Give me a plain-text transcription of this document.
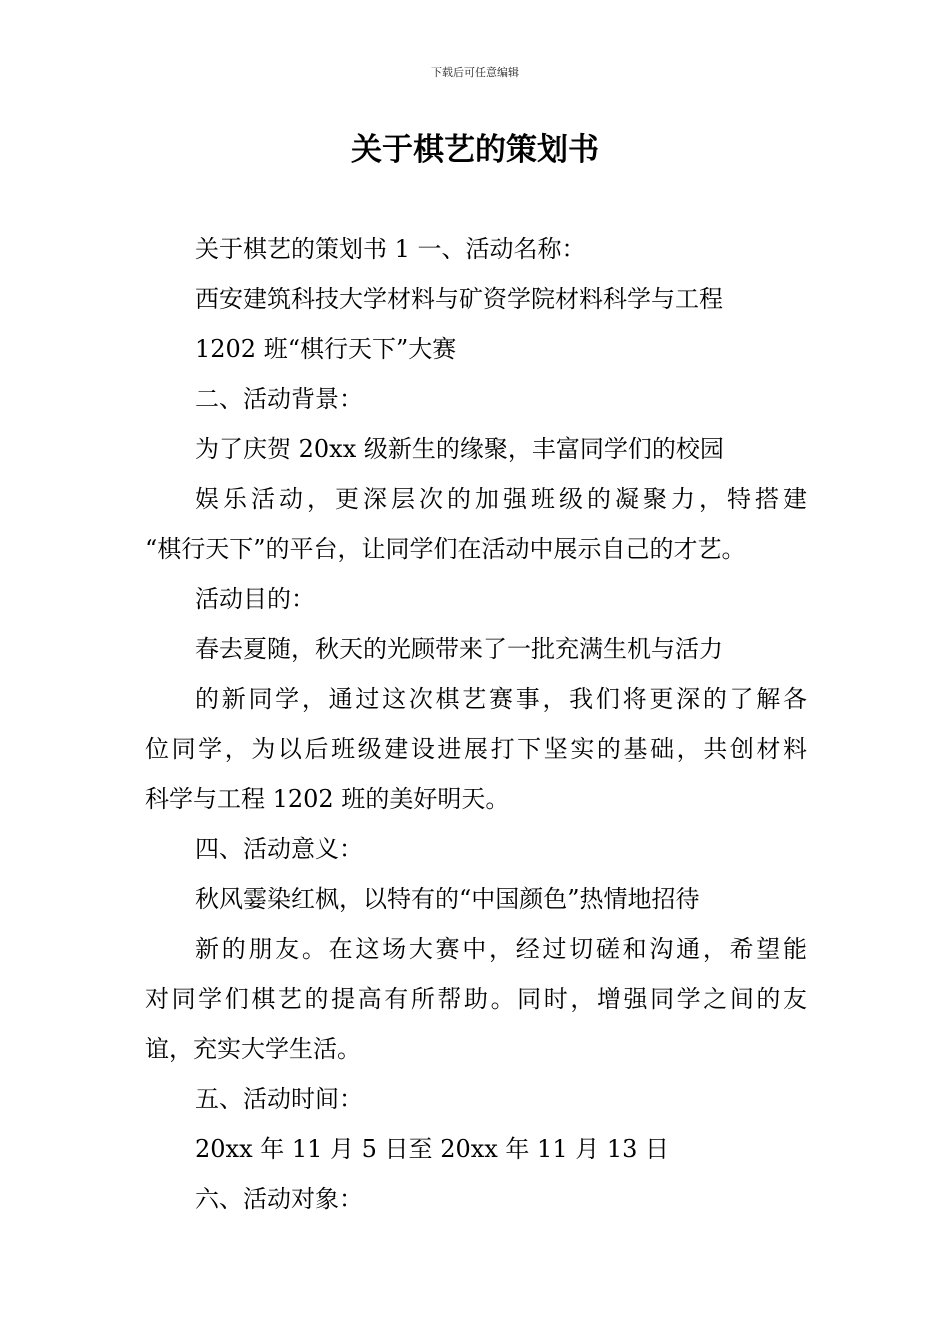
下载后可任意编辑
关于棋艺的策划书
关于棋艺的策划书 1 一、活动名称：
西安建筑科技大学材料与矿资学院材料科学与工程
1202 班“棋行天下”大赛
二、活动背景：
为了庆贺 20xx 级新生的缘聚，丰富同学们的校园
娱乐活动，更深层次的加强班级的凝聚力，特搭建
“棋行天下”的平台，让同学们在活动中展示自己的才艺。
活动目的：
春去夏随，秋天的光顾带来了一批充满生机与活力
的新同学，通过这次棋艺赛事，我们将更深的了解各
位同学，为以后班级建设进展打下坚实的基础，共创材料
科学与工程 1202 班的美好明天。
四、活动意义：
秋风霎染红枫，以特有的“中国颜色”热情地招待
新的朋友。在这场大赛中，经过切磋和沟通，希望能
对同学们棋艺的提高有所帮助。同时，增强同学之间的友
谊，充实大学生活。
五、活动时间：
20xx 年 11 月 5 日至 20xx 年 11 月 13 日
六、活动对象：
